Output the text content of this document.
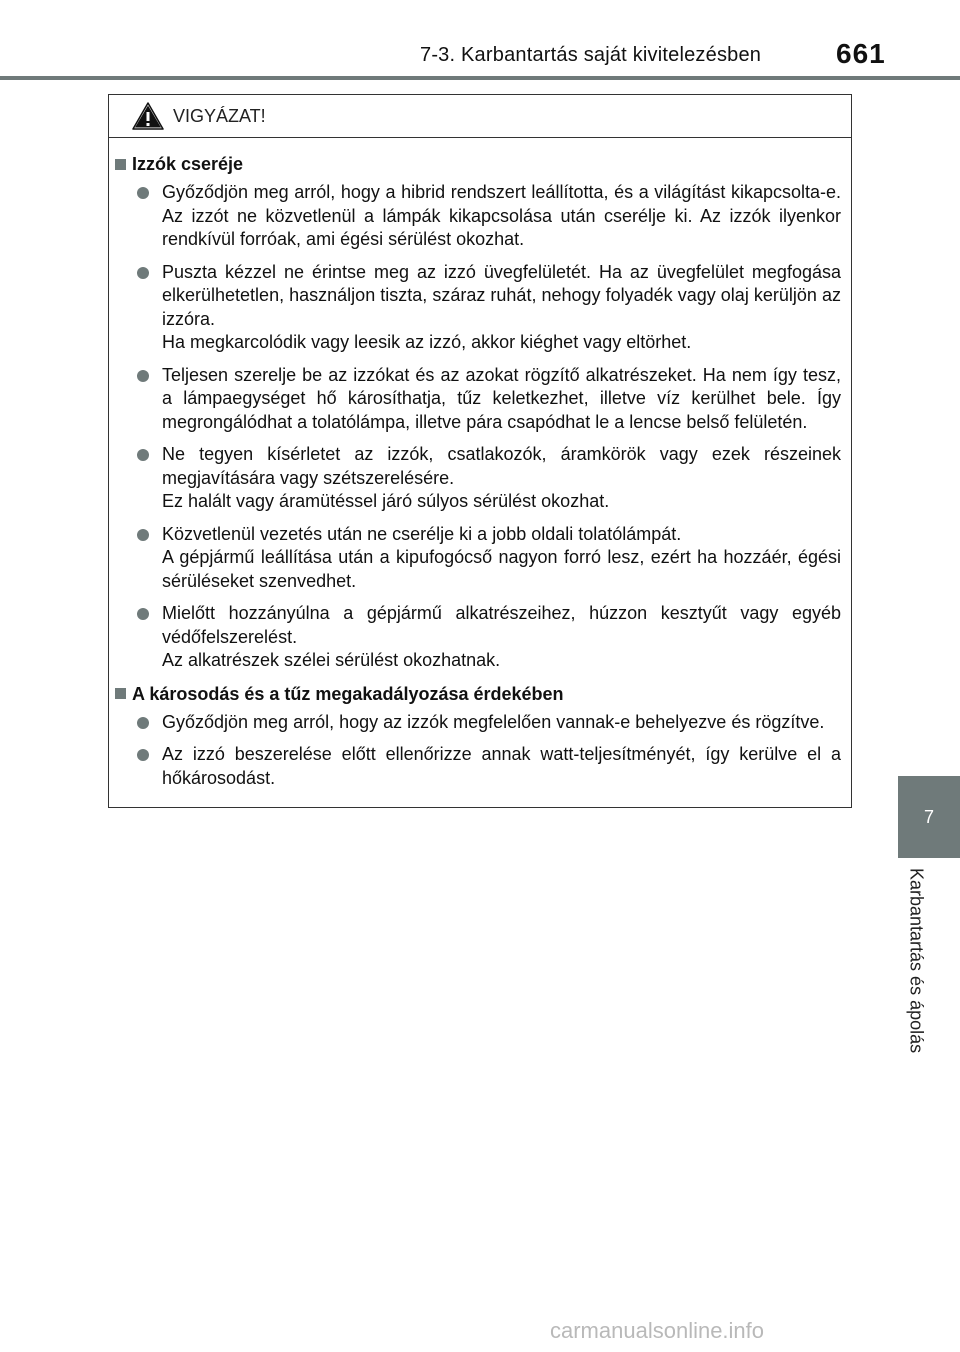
7-3. Karbantartás saját kivitelezésben	661
7
Karbantartás és ápolás
VIGYÁZAT!
Izzók cseréje

Győződjön meg arról, hogy a hibrid rendszert leállította, és a világítást kikapcsolta-e. Az izzót ne közvetlenül a lámpák kikapcsolása után cserélje ki. Az izzók ilyenkor rendkívül forróak, ami égési sérülést okozhat.

Puszta kézzel ne érintse meg az izzó üvegfelületét. Ha az üvegfelület megfogása elkerülhetetlen, használjon tiszta, száraz ruhát, nehogy folyadék vagy olaj kerüljön az izzóra.

Ha megkarcolódik vagy leesik az izzó, akkor kiéghet vagy eltörhet.

Teljesen szerelje be az izzókat és az azokat rögzítő alkatrészeket. Ha nem így tesz, a lámpaegységet hő károsíthatja, tűz keletkezhet, illetve víz kerülhet bele. Így megrongálódhat a tolatólámpa, illetve pára csapódhat le a lencse belső felületén.

Ne tegyen kísérletet az izzók, csatlakozók, áramkörök vagy ezek részeinek megjavítására vagy szétszerelésére.

Ez halált vagy áramütéssel járó súlyos sérülést okozhat.

Közvetlenül vezetés után ne cserélje ki a jobb oldali tolatólámpát.

A gépjármű leállítása után a kipufogócső nagyon forró lesz, ezért ha hozzáér, égési sérüléseket szenvedhet.

Mielőtt hozzányúlna a gépjármű alkatrészeihez, húzzon kesztyűt vagy egyéb védőfelszerelést.

Az alkatrészek szélei sérülést okozhatnak.

A károsodás és a tűz megakadályozása érdekében

Győződjön meg arról, hogy az izzók megfelelően vannak-e behelyezve és rögzítve.

Az izzó beszerelése előtt ellenőrizze annak watt-teljesítményét, így kerülve el a hőkárosodást.

carmanualsonline.info
